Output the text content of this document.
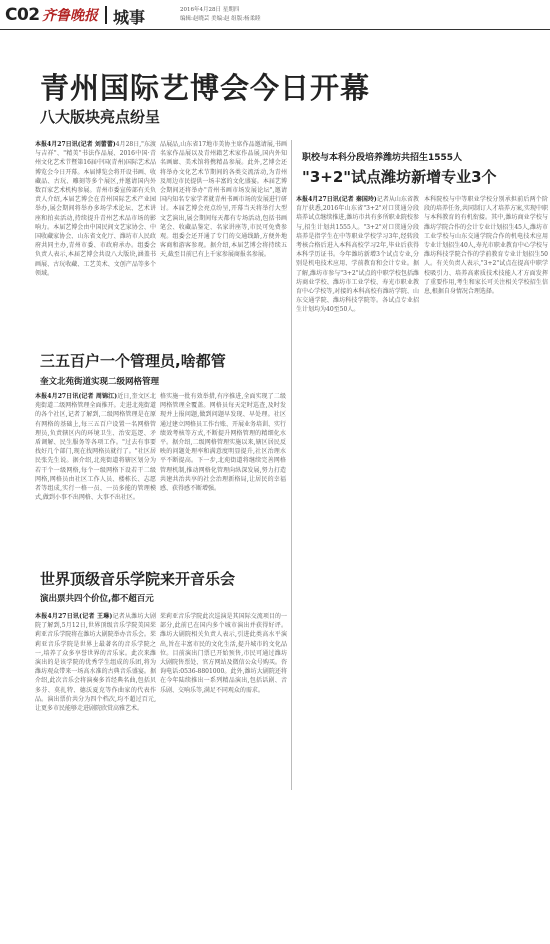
C02 齐鲁晚报 城事	2016年4月28日 星期四
编辑:赵晓芸 美编:赵 组版:杨柔睦
青州国际艺博会今日开幕
八大版块亮点纷呈
本报4月27日讯(记者 刘蕾蕾)4月28日,"东渡与吉祥"、"精美"书法作品展、2016中国·青州文化艺术节暨第16届中国(青州)国际艺术品博览会今日开幕。本届博览会将开设书画、收藏品、古玩、雕刻等多个展区,并邀请国内外数百家艺术机构参展。青州市委宣传部有关负责人介绍,本届艺博会在青州国际艺术产业园举办,展会期间将举办多场学术论坛、艺术讲座和拍卖活动,持续提升青州艺术品市场的影响力。本届艺博会由中国民间文艺家协会、中国收藏家协会、山东省文化厅、潍坊市人民政府共同主办,青州市委、市政府承办。组委会负责人表示,本届艺博会共设八大版块,涵盖书画展、古玩收藏、工艺美术、文创产品等多个领域。
品展品,山东省17地市美协主席作品邀请展,书画名家作品展以及青州籍艺术家作品展,国内外知名画廊、美术馆将携精品参展。此外,艺博会还将举办文化艺术节期间的各类交流活动,为青州及周边市民提供一场丰富的文化盛宴。本届艺博会期间还将举办"青州书画市场发展论坛",邀请国内知名专家学者就青州书画市场的发展进行研讨。本届艺博会亮点纷呈,开幕当天将举行大型文艺演出,展会期间每天都有专场活动,包括书画笔会、收藏品鉴定、名家讲座等,市民可免费参观。组委会还开通了专门的交通线路,方便外地客商和游客参观。据介绍,本届艺博会将持续五天,截至目前已有上千家参展商报名参展。
职校与本科分段培养潍坊共招生1555人
"3+2"试点潍坊新增专业3个
本报4月27日讯(记者 秦国玲)记者从山东省教育厅获悉,2016年山东省"3+2"对口贯通分段培养试点继续推进,潍坊市共有多所职业院校参与,招生计划共1555人。"3+2"对口贯通分段培养是指学生在中等职业学校学习3年,经转段考核合格后进入本科高校学习2年,毕业后获得本科学历证书。今年潍坊新增3个试点专业,分别是机电技术应用、学前教育和会计专业。据了解,潍坊市参与"3+2"试点的中职学校包括潍坊商业学校、潍坊市工业学校、寿光市职业教育中心学校等,对接的本科高校有潍坊学院、山东交通学院、潍坊科技学院等。各试点专业招生计划均为40至50人。
本科院校与中等职业学校分别承担前后两个阶段的培养任务,共同制订人才培养方案,实现中职与本科教育的有机衔接。其中,潍坊商业学校与潍坊学院合作的会计专业计划招生45人,潍坊市工业学校与山东交通学院合作的机电技术应用专业计划招生40人,寿光市职业教育中心学校与潍坊科技学院合作的学前教育专业计划招生50人。有关负责人表示,"3+2"试点在提高中职学校吸引力、培养高素质技术技能人才方面发挥了重要作用,考生和家长可关注相关学校招生信息,根据自身情况合理选择。
三五百户一个管理员,啥都管
奎文北苑街道实现二级网格管理
本报4月27日讯(记者 周锦江)近日,奎文区北苑街道二级网格管理全面推开。走进北苑街道的各个社区,记者了解到,二级网格管理是在原有网格的基础上,每三五百户设置一名网格管理员,负责辖区内的环境卫生、治安巡逻、矛盾调解、民生服务等各项工作。"过去有事要找好几个部门,现在找网格员就行了。"社区居民张先生说。据介绍,北苑街道将辖区划分为若干个一级网格,每个一级网格下设若干二级网格,网格员由社区工作人员、楼栋长、志愿者等组成,实行一格一员、一员多能的管理模式,做到小事不出网格、大事不出社区。
格实施一批有效举措,有序推进,全面实现了二级网格管理全覆盖。网格员每天定时巡查,及时发现并上报问题,做到问题早发现、早处理。社区通过建立网格员工作台账、开展业务培训、实行绩效考核等方式,不断提升网格管理的精细化水平。据介绍,二级网格管理实施以来,辖区居民反映的问题处理率和满意度明显提升,社区治理水平不断提高。下一步,北苑街道将继续完善网格管理机制,推动网格化管理向纵深发展,努力打造共建共治共享的社会治理新格局,让居民的幸福感、获得感不断增强。
世界顶级音乐学院来开音乐会
演出票共四个价位,都不超百元
本报4月27日讯(记者 王琳)记者从潍坊大剧院了解到,5月12日,世界顶级音乐学院美国茱莉亚音乐学院将在潍坊大剧院举办音乐会。茱莉亚音乐学院是世界上最著名的音乐学院之一,培养了众多享誉世界的音乐家。此次来潍演出的是该学院的优秀学生组成的乐团,将为潍坊观众带来一场高水准的古典音乐盛宴。据介绍,此次音乐会将演奏多首经典名曲,包括贝多芬、莫扎特、德沃夏克等作曲家的代表作品。演出票价共分为四个档次,均不超过百元,让更多市民能够走进剧院欣赏高雅艺术。
茱莉亚音乐学院此次巡演是其国际交流项目的一部分,此前已在国内多个城市演出并获得好评。潍坊大剧院相关负责人表示,引进此类高水平演出,旨在丰富市民的文化生活,提升城市的文化品位。目前演出门票已开始预售,市民可通过潍坊大剧院售票处、官方网站及微信公众号购买。咨询电话:0536-8801000。此外,潍坊大剧院还将在今年陆续推出一系列精品演出,包括话剧、音乐剧、交响乐等,满足不同观众的需求。
